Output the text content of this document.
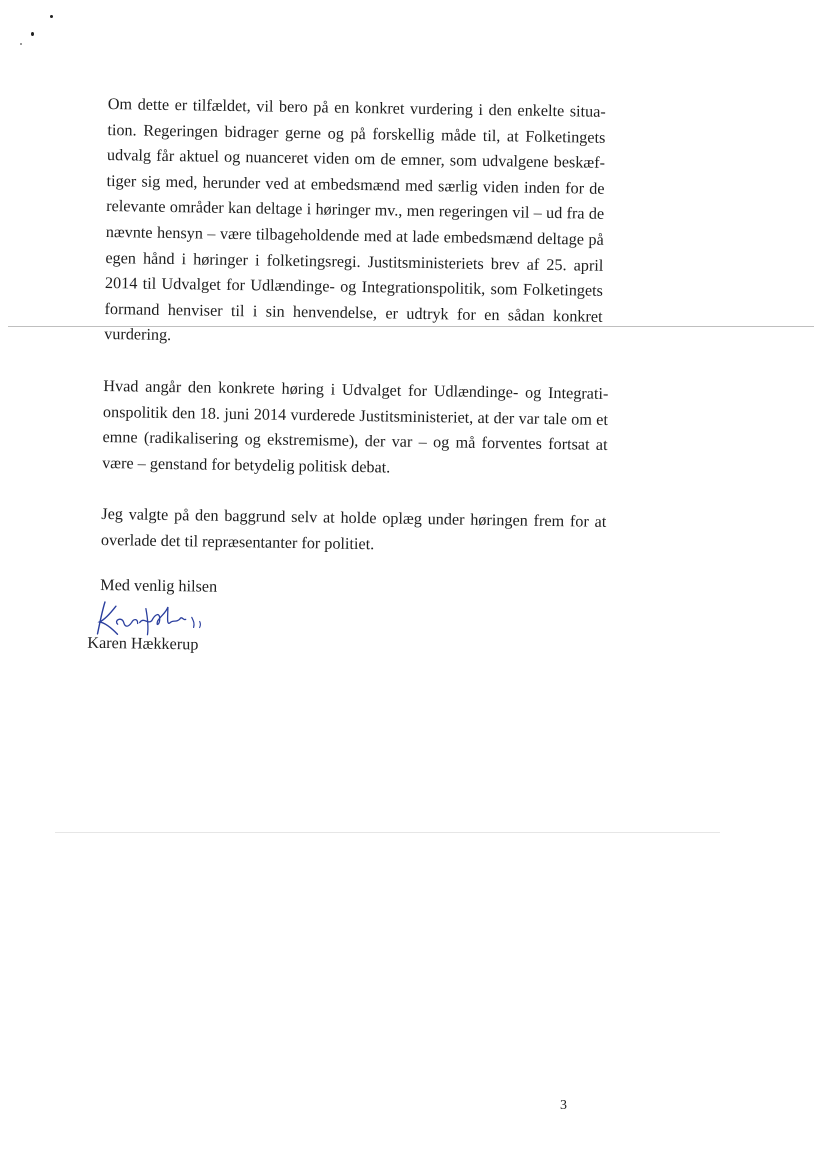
Om dette er tilfældet, vil bero på en konkret vurdering i den enkelte situation. Regeringen bidrager gerne og på forskellig måde til, at Folketingets udvalg får aktuel og nuanceret viden om de emner, som udvalgene beskæftiger sig med, herunder ved at embedsmænd med særlig viden inden for de relevante områder kan deltage i høringer mv., men regeringen vil – ud fra de nævnte hensyn – være tilbageholdende med at lade embedsmænd deltage på egen hånd i høringer i folketingsregi. Justitsministeriets brev af 25. april 2014 til Udvalget for Udlændinge- og Integrationspolitik, som Folketingets formand henviser til i sin henvendelse, er udtryk for en sådan konkret vurdering.

Hvad angår den konkrete høring i Udvalget for Udlændinge- og Integrationspolitik den 18. juni 2014 vurderede Justitsministeriet, at der var tale om et emne (radikalisering og ekstremisme), der var – og må forventes fortsat at være – genstand for betydelig politisk debat.

Jeg valgte på den baggrund selv at holde oplæg under høringen frem for at overlade det til repræsentanter for politiet.

Med venlig hilsen
Karen Hækkerup
3
